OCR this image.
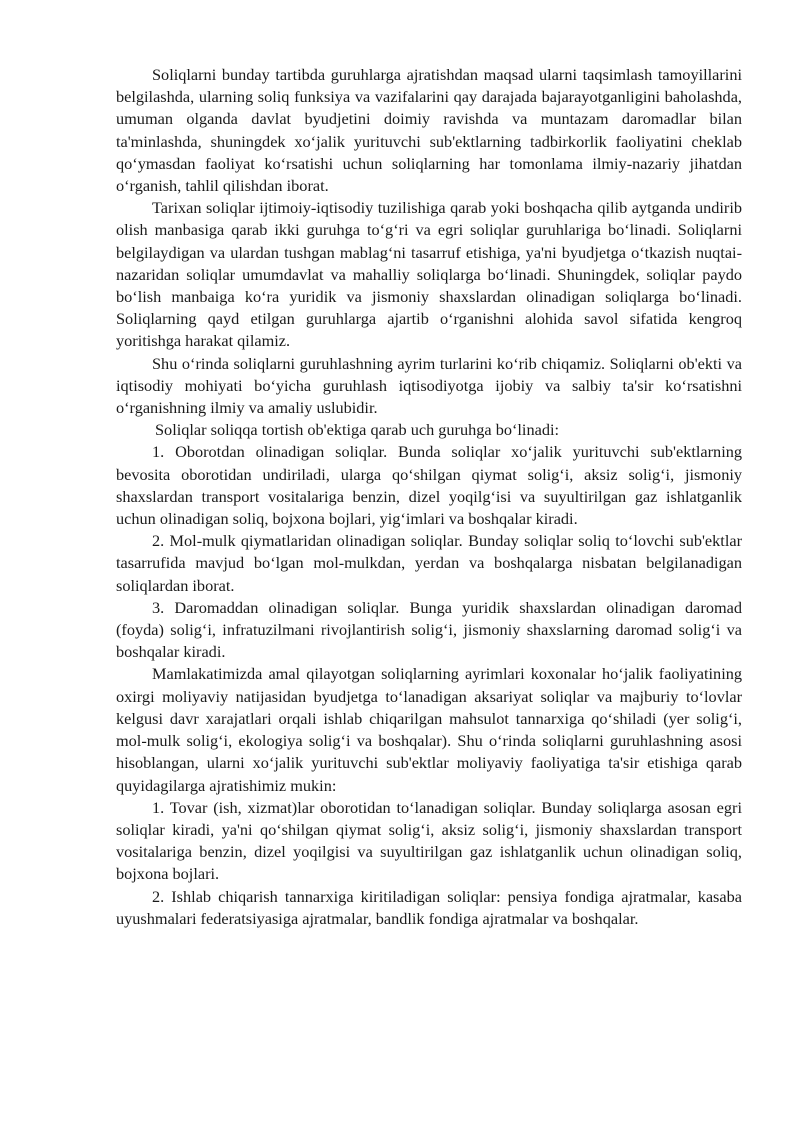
Soliqlarni bunday tartibda guruhlarga ajratishdan maqsad ularni taqsimlash tamoyillarini belgilashda, ularning soliq funksiya va vazifalarini qay darajada bajarayotganligini baholashda, umuman olganda davlat byudjetini doimiy ravishda va muntazam daromadlar bilan ta'minlashda, shuningdek xo‘jalik yurituvchi sub'ektlarning tadbirkorlik faoliyatini cheklab qo‘ymasdan faoliyat ko‘rsatishi uchun soliqlarning har tomonlama ilmiy-nazariy jihatdan o‘rganish, tahlil qilishdan iborat.

Tarixan soliqlar ijtimoiy-iqtisodiy tuzilishiga qarab yoki boshqacha qilib aytganda undirib olish manbasiga qarab ikki guruhga to‘g‘ri va egri soliqlar guruhlariga bo‘linadi. Soliqlarni belgilaydigan va ulardan tushgan mablag‘ni tasarruf etishiga, ya'ni byudjetga o‘tkazish nuqtai-nazaridan soliqlar umumdavlat va mahalliy soliqlarga bo‘linadi. Shuningdek, soliqlar paydo bo‘lish manbaiga ko‘ra yuridik va jismoniy shaxslardan olinadigan soliqlarga bo‘linadi. Soliqlarning qayd etilgan guruhlarga ajartib o‘rganishni alohida savol sifatida kengroq yoritishga harakat qilamiz.

Shu o‘rinda soliqlarni guruhlashning ayrim turlarini ko‘rib chiqamiz. Soliqlarni ob'ekti va iqtisodiy mohiyati bo‘yicha guruhlash iqtisodiyotga ijobiy va salbiy ta'sir ko‘rsatishni o‘rganishning ilmiy va amaliy uslubidir.

Soliqlar soliqqa tortish ob'ektiga qarab uch guruhga bo‘linadi:

1. Oborotdan olinadigan soliqlar. Bunda soliqlar xo‘jalik yurituvchi sub'ektlarning bevosita oborotidan undiriladi, ularga qo‘shilgan qiymat solig‘i, aksiz solig‘i, jismoniy shaxslardan transport vositalariga benzin, dizel yoqilg‘isi va suyultirilgan gaz ishlatganlik uchun olinadigan soliq, bojxona bojlari, yig‘imlari va boshqalar kiradi.

2. Mol-mulk qiymatlaridan olinadigan soliqlar. Bunday soliqlar soliq to‘lovchi sub'ektlar tasarrufida mavjud bo‘lgan mol-mulkdan, yerdan va boshqalarga nisbatan belgilanadigan soliqlardan iborat.

3. Daromaddan olinadigan soliqlar. Bunga yuridik shaxslardan olinadigan daromad (foyda) solig‘i, infratuzilmani rivojlantirish solig‘i, jismoniy shaxslarning daromad solig‘i va boshqalar kiradi.

Mamlakatimizda amal qilayotgan soliqlarning ayrimlari koxonalar ho‘jalik faoliyatining oxirgi moliyaviy natijasidan byudjetga to‘lanadigan aksariyat soliqlar va majburiy to‘lovlar kelgusi davr xarajatlari orqali ishlab chiqarilgan mahsulot tannarxiga qo‘shiladi (yer solig‘i, mol-mulk solig‘i, ekologiya solig‘i va boshqalar). Shu o‘rinda soliqlarni guruhlashning asosi hisoblangan, ularni xo‘jalik yurituvchi sub'ektlar moliyaviy faoliyatiga ta'sir etishiga qarab quyidagilarga ajratishimiz mukin:

1. Tovar (ish, xizmat)lar oborotidan to‘lanadigan soliqlar. Bunday soliqlarga asosan egri soliqlar kiradi, ya'ni qo‘shilgan qiymat solig‘i, aksiz solig‘i, jismoniy shaxslardan transport vositalariga benzin, dizel yoqilgisi va suyultirilgan gaz ishlatganlik uchun olinadigan soliq, bojxona bojlari.

2. Ishlab chiqarish tannarxiga kiritiladigan soliqlar: pensiya fondiga ajratmalar, kasaba uyushmalari federatsiyasiga ajratmalar, bandlik fondiga ajratmalar va boshqalar.
